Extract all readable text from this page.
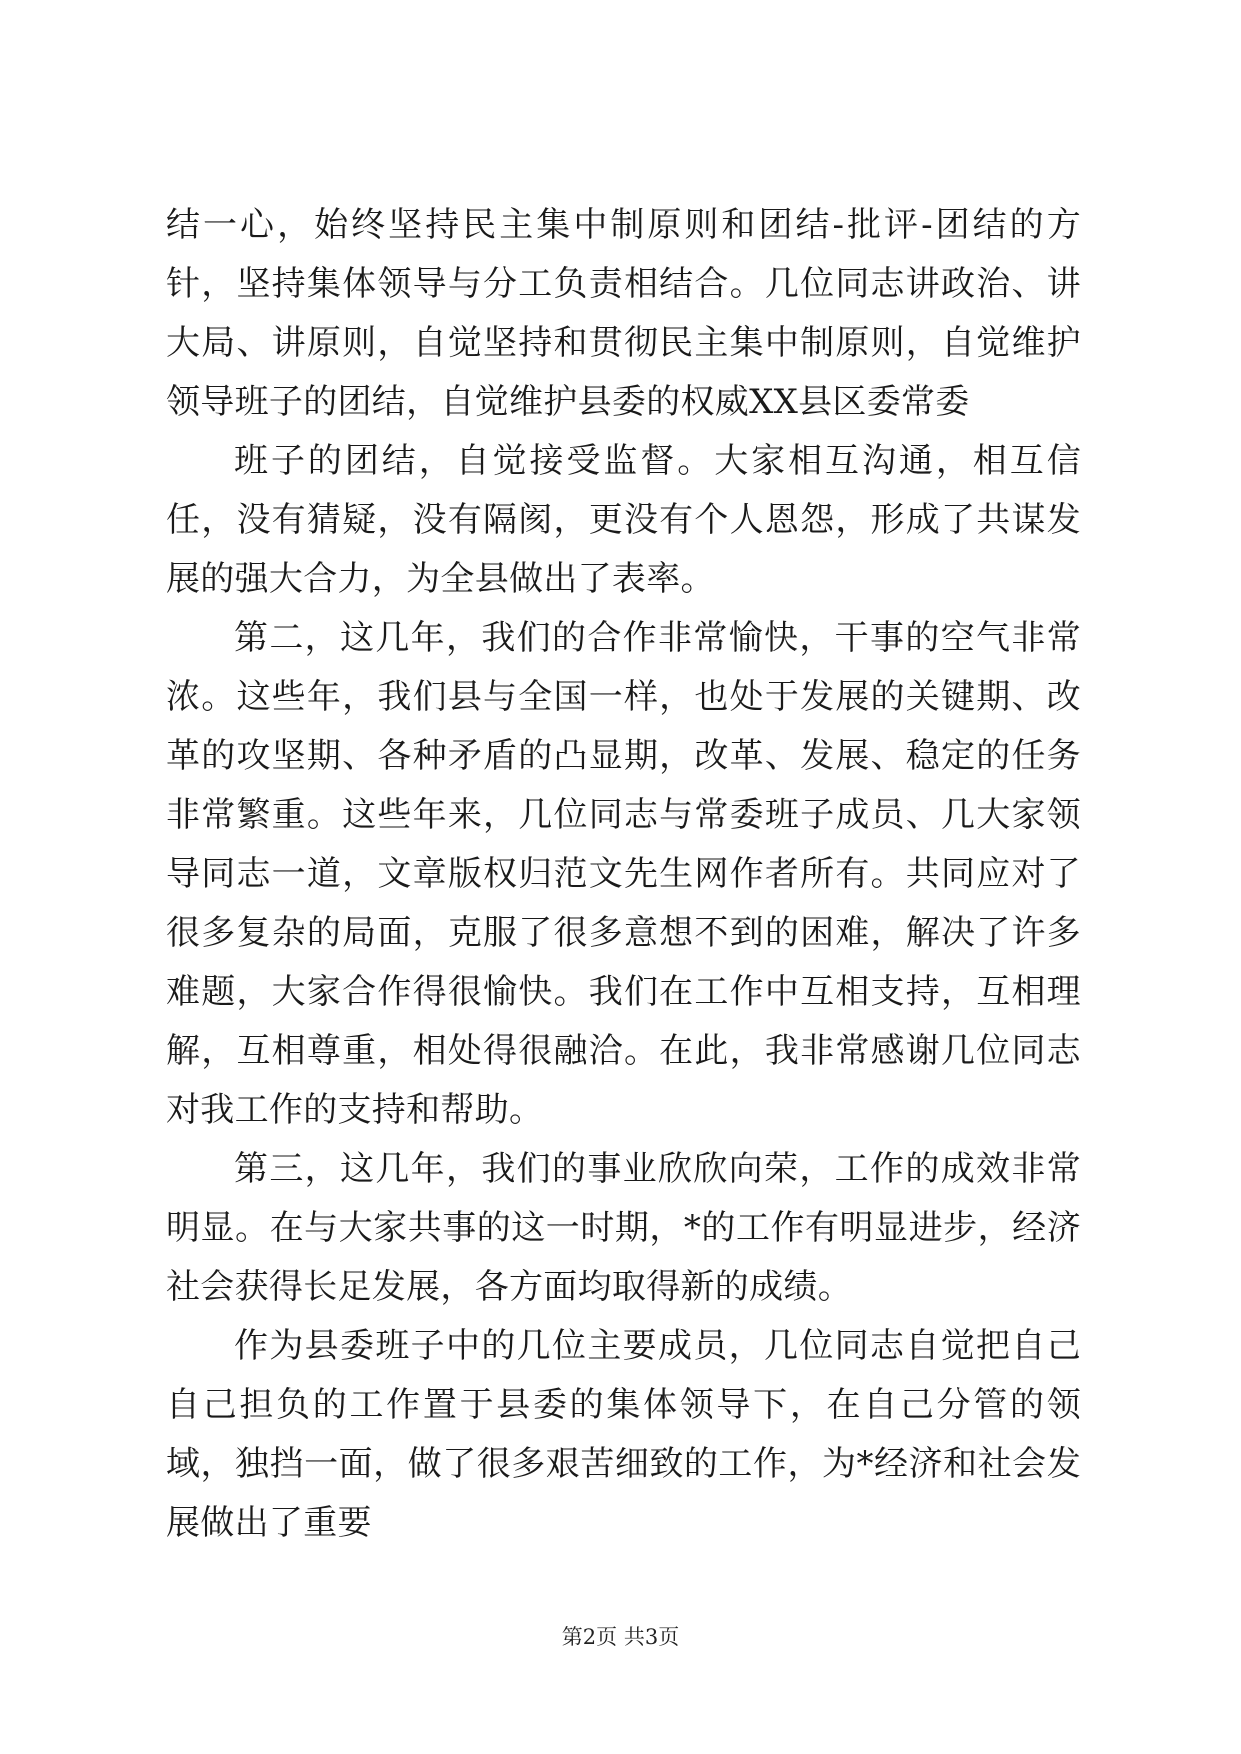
结一心，始终坚持民主集中制原则和团结-批评-团结的方针，坚持集体领导与分工负责相结合。几位同志讲政治、讲大局、讲原则，自觉坚持和贯彻民主集中制原则，自觉维护领导班子的团结，自觉维护县委的权威XX县区委常委

班子的团结，自觉接受监督。大家相互沟通，相互信任，没有猜疑，没有隔阂，更没有个人恩怨，形成了共谋发展的强大合力，为全县做出了表率。

第二，这几年，我们的合作非常愉快，干事的空气非常浓。这些年，我们县与全国一样，也处于发展的关键期、改革的攻坚期、各种矛盾的凸显期，改革、发展、稳定的任务非常繁重。这些年来，几位同志与常委班子成员、几大家领导同志一道，文章版权归范文先生网作者所有。共同应对了很多复杂的局面，克服了很多意想不到的困难，解决了许多难题，大家合作得很愉快。我们在工作中互相支持，互相理解，互相尊重，相处得很融洽。在此，我非常感谢几位同志对我工作的支持和帮助。

第三，这几年，我们的事业欣欣向荣，工作的成效非常明显。在与大家共事的这一时期，*的工作有明显进步，经济社会获得长足发展，各方面均取得新的成绩。

作为县委班子中的几位主要成员，几位同志自觉把自己自己担负的工作置于县委的集体领导下，在自己分管的领域，独挡一面，做了很多艰苦细致的工作，为*经济和社会发展做出了重要

第2页 共3页
